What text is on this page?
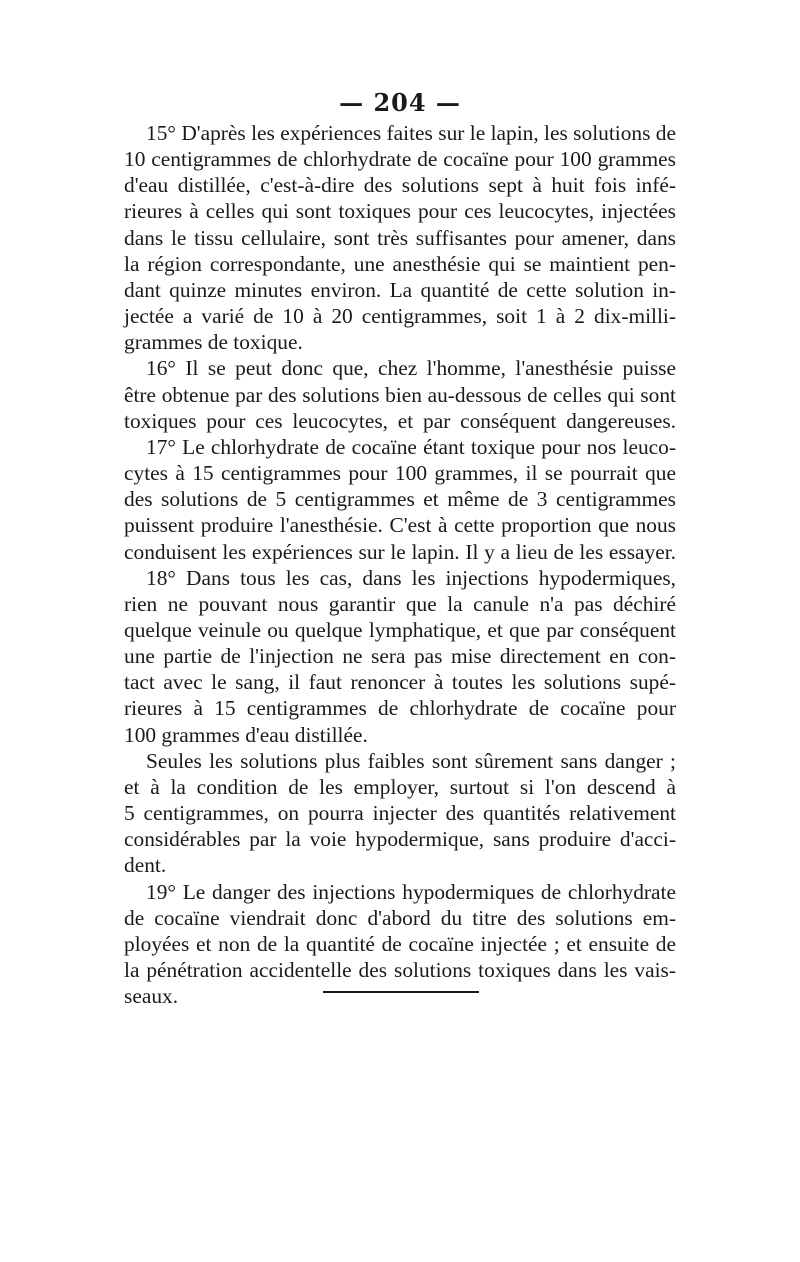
— 204 —
15° D'après les expériences faites sur le lapin, les solutions de
10 centigrammes de chlorhydrate de cocaïne pour 100 grammes
d'eau distillée, c'est-à-dire des solutions sept à huit fois infé-
rieures à celles qui sont toxiques pour ces leucocytes, injectées
dans le tissu cellulaire, sont très suffisantes pour amener, dans
la région correspondante, une anesthésie qui se maintient pen-
dant quinze minutes environ. La quantité de cette solution in-
jectée a varié de 10 à 20 centigrammes, soit 1 à 2 dix-milli-
grammes de toxique.
16° Il se peut donc que, chez l'homme, l'anesthésie puisse
être obtenue par des solutions bien au-dessous de celles qui sont
toxiques pour ces leucocytes, et par conséquent dangereuses.
17° Le chlorhydrate de cocaïne étant toxique pour nos leuco-
cytes à 15 centigrammes pour 100 grammes, il se pourrait que
des solutions de 5 centigrammes et même de 3 centigrammes
puissent produire l'anesthésie. C'est à cette proportion que nous
conduisent les expériences sur le lapin. Il y a lieu de les essayer.
18° Dans tous les cas, dans les injections hypodermiques,
rien ne pouvant nous garantir que la canule n'a pas déchiré
quelque veinule ou quelque lymphatique, et que par conséquent
une partie de l'injection ne sera pas mise directement en con-
tact avec le sang, il faut renoncer à toutes les solutions supé-
rieures à 15 centigrammes de chlorhydrate de cocaïne pour
100 grammes d'eau distillée.
Seules les solutions plus faibles sont sûrement sans danger ;
et à la condition de les employer, surtout si l'on descend à
5 centigrammes, on pourra injecter des quantités relativement
considérables par la voie hypodermique, sans produire d'acci-
dent.
19° Le danger des injections hypodermiques de chlorhydrate
de cocaïne viendrait donc d'abord du titre des solutions em-
ployées et non de la quantité de cocaïne injectée ; et ensuite de
la pénétration accidentelle des solutions toxiques dans les vais-
seaux.
